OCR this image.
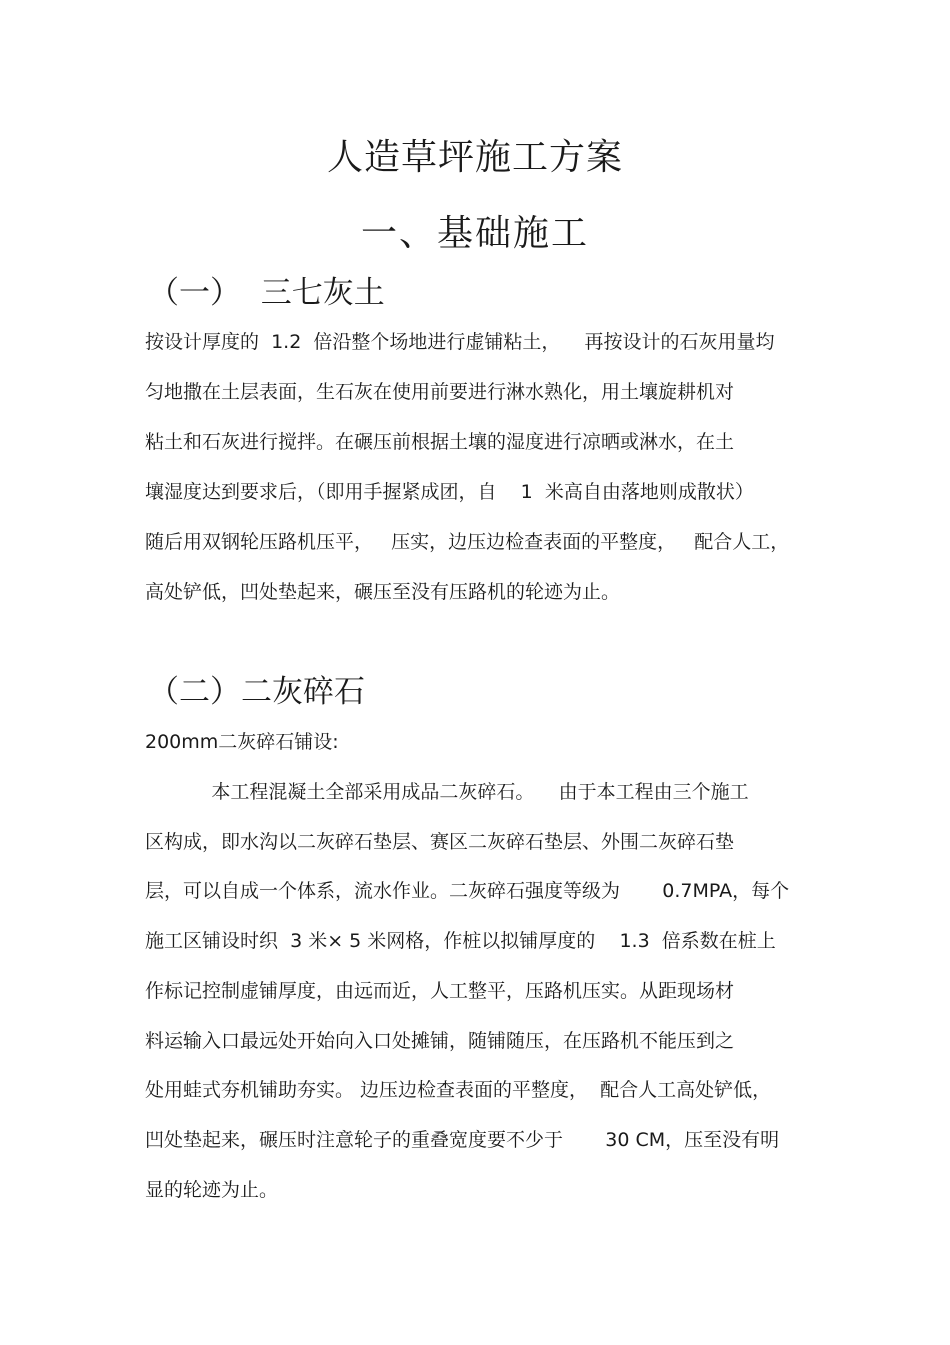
人造草坪施工方案
一、基础施工
（一）  三七灰土
按设计厚度的  1.2  倍沿整个场地进行虚铺粘土，    再按设计的石灰用量均
匀地撒在土层表面，生石灰在使用前要进行淋水熟化，用土壤旋耕机对
粘土和石灰进行搅拌。在碾压前根据土壤的湿度进行凉晒或淋水，在土
壤湿度达到要求后，（即用手握紧成团，自    1  米高自由落地则成散状）
随后用双钢轮压路机压平，   压实，边压边检查表面的平整度，   配合人工，
高处铲低，凹处垫起来，碾压至没有压路机的轮迹为止。
（二）二灰碎石
200mm二灰碎石铺设:
本工程混凝土全部采用成品二灰碎石。    由于本工程由三个施工
区构成，即水沟以二灰碎石垫层、赛区二灰碎石垫层、外围二灰碎石垫
层，可以自成一个体系，流水作业。二灰碎石强度等级为       0.7MPA，每个
施工区铺设时织  3 米× 5 米网格，作桩以拟铺厚度的    1.3  倍系数在桩上
作标记控制虚铺厚度，由远而近，人工整平，压路机压实。从距现场材
料运输入口最远处开始向入口处摊铺，随铺随压，在压路机不能压到之
处用蛙式夯机铺助夯实。 边压边检查表面的平整度，  配合人工高处铲低，
凹处垫起来，碾压时注意轮子的重叠宽度要不少于       30 CM，压至没有明
显的轮迹为止。
